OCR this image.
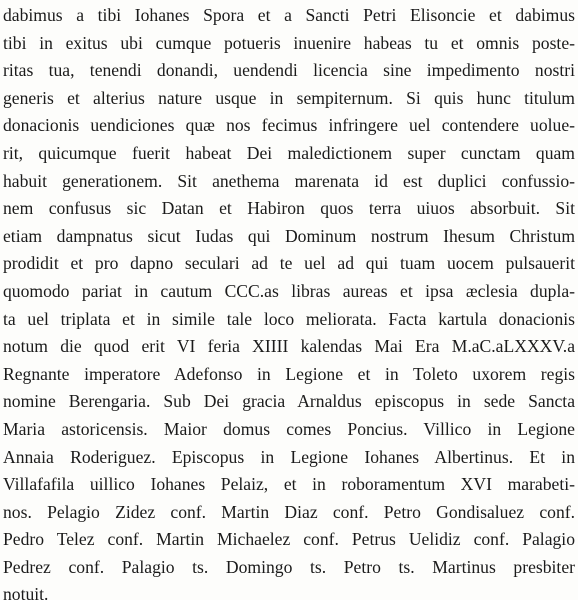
dabimus a tibi Iohanes Spora et a Sancti Petri Elisoncie et dabimus
tibi in exitus ubi cumque potueris inuenire habeas tu et omnis poste-
ritas tua, tenendi donandi, uendendi licencia sine impedimento nostri
generis et alterius nature usque in sempiternum. Si quis hunc titulum
donacionis uendiciones quæ nos fecimus infringere uel contendere uolue-
rit, quicumque fuerit habeat Dei maledictionem super cunctam quam
habuit generationem. Sit anethema marenata id est duplici confussio-
nem confusus sic Datan et Habiron quos terra uiuos absorbuit. Sit
etiam dampnatus sicut Iudas qui Dominum nostrum Ihesum Christum
prodidit et pro dapno seculari ad te uel ad qui tuam uocem pulsauerit
quomodo pariat in cautum CCC.as libras aureas et ipsa æclesia dupla-
ta uel triplata et in simile tale loco meliorata. Facta kartula donacionis
notum die quod erit VI feria XIIII kalendas Mai Era M.aC.aLXXXV.a
Regnante imperatore Adefonso in Legione et in Toleto uxorem regis
nomine Berengaria. Sub Dei gracia Arnaldus episcopus in sede Sancta
Maria astoricensis. Maior domus comes Poncius. Villico in Legione
Annaia Roderiguez. Episcopus in Legione Iohanes Albertinus. Et in
Villafafila uillico Iohanes Pelaiz, et in roboramentum XVI marabeti-
nos. Pelagio Zidez conf. Martin Diaz conf. Petro Gondisaluez conf.
Pedro Telez conf. Martin Michaelez conf. Petrus Uelidiz conf. Palagio
Pedrez conf. Palagio ts. Domingo ts. Petro ts. Martinus presbiter
notuit.
